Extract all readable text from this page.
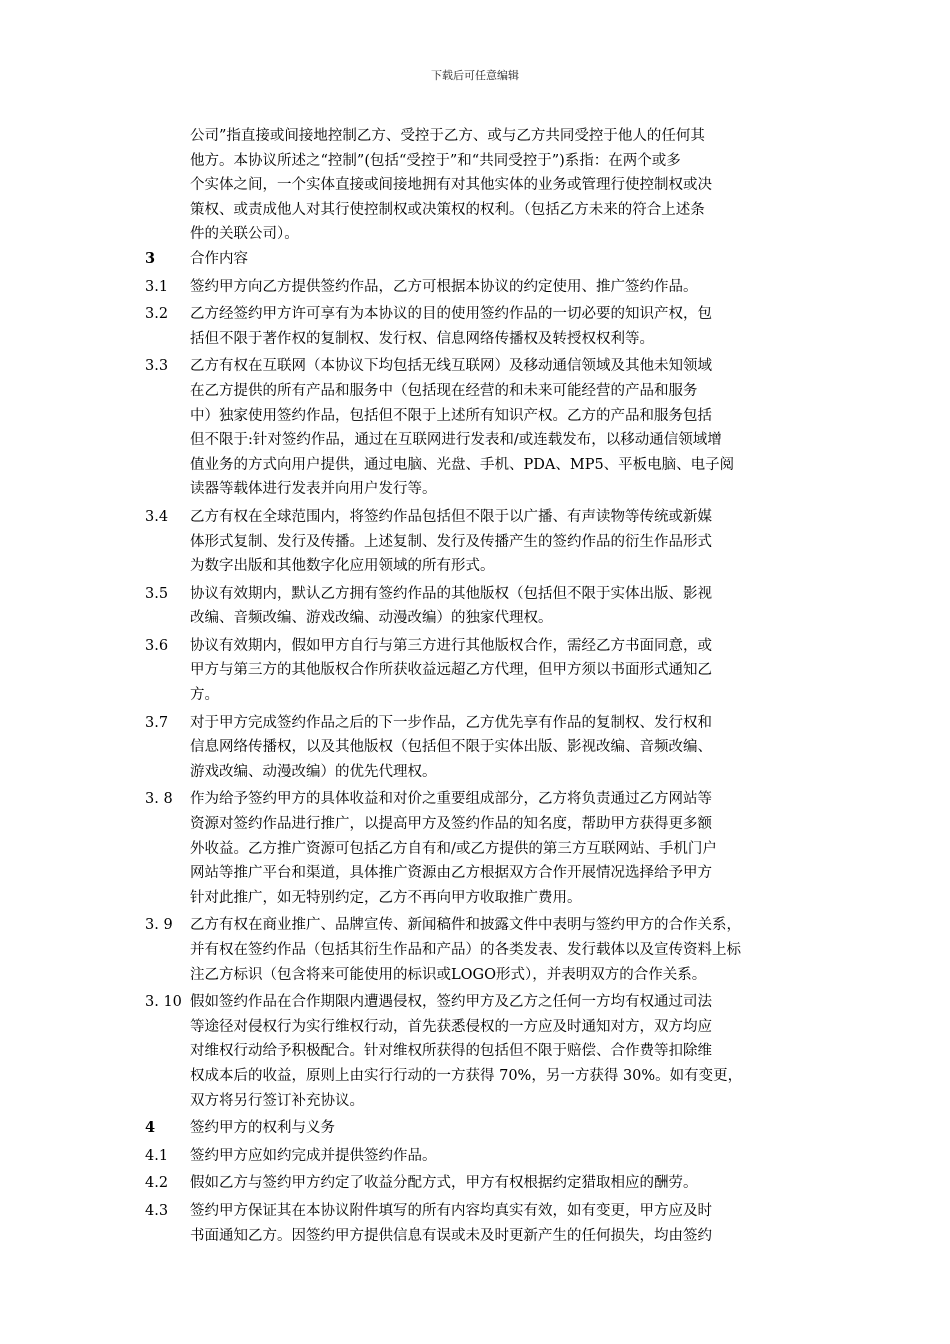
下载后可任意编辑
公司”指直接或间接地控制乙方、受控于乙方、或与乙方共同受控于他人的任何其
他方。本协议所述之“控制”(包括“受控于”和“共同受控于”)系指：在两个或多
个实体之间，一个实体直接或间接地拥有对其他实体的业务或管理行使控制权或决
策权、或责成他人对其行使控制权或决策权的权利。（包括乙方未来的符合上述条
件的关联公司）。
3	合作内容
3.1	签约甲方向乙方提供签约作品，乙方可根据本协议的约定使用、推广签约作品。
3.2	乙方经签约甲方许可享有为本协议的目的使用签约作品的一切必要的知识产权，包
括但不限于著作权的复制权、发行权、信息网络传播权及转授权权利等。
3.3	乙方有权在互联网（本协议下均包括无线互联网）及移动通信领域及其他未知领域
在乙方提供的所有产品和服务中（包括现在经营的和未来可能经营的产品和服务
中）独家使用签约作品，包括但不限于上述所有知识产权。乙方的产品和服务包括
但不限于:针对签约作品，通过在互联网进行发表和/或连载发布，以移动通信领域增
值业务的方式向用户提供，通过电脑、光盘、手机、PDA、MP5、平板电脑、电子阅
读器等载体进行发表并向用户发行等。
3.4	乙方有权在全球范围内，将签约作品包括但不限于以广播、有声读物等传统或新媒
体形式复制、发行及传播。上述复制、发行及传播产生的签约作品的衍生作品形式
为数字出版和其他数字化应用领域的所有形式。
3.5	协议有效期内，默认乙方拥有签约作品的其他版权（包括但不限于实体出版、影视
改编、音频改编、游戏改编、动漫改编）的独家代理权。
3.6	协议有效期内，假如甲方自行与第三方进行其他版权合作，需经乙方书面同意，或
甲方与第三方的其他版权合作所获收益远超乙方代理，但甲方须以书面形式通知乙
方。
3.7	对于甲方完成签约作品之后的下一步作品，乙方优先享有作品的复制权、发行权和
信息网络传播权，以及其他版权（包括但不限于实体出版、影视改编、音频改编、
游戏改编、动漫改编）的优先代理权。
3. 8	作为给予签约甲方的具体收益和对价之重要组成部分，乙方将负责通过乙方网站等
资源对签约作品进行推广，以提高甲方及签约作品的知名度，帮助甲方获得更多额
外收益。乙方推广资源可包括乙方自有和/或乙方提供的第三方互联网站、手机门户
网站等推广平台和渠道，具体推广资源由乙方根据双方合作开展情况选择给予甲方
针对此推广，如无特别约定，乙方不再向甲方收取推广费用。
3. 9	乙方有权在商业推广、品牌宣传、新闻稿件和披露文件中表明与签约甲方的合作关系，
并有权在签约作品（包括其衍生作品和产品）的各类发表、发行载体以及宣传资料上标
注乙方标识（包含将来可能使用的标识或LOGO形式），并表明双方的合作关系。
3. 10 假如签约作品在合作期限内遭遇侵权，签约甲方及乙方之任何一方均有权通过司法
等途径对侵权行为实行维权行动，首先获悉侵权的一方应及时通知对方，双方均应
对维权行动给予积极配合。针对维权所获得的包括但不限于赔偿、合作费等扣除维
权成本后的收益，原则上由实行行动的一方获得 70%，另一方获得 30%。如有变更，
双方将另行签订补充协议。
4	签约甲方的权利与义务
4.1	签约甲方应如约完成并提供签约作品。
4.2	假如乙方与签约甲方约定了收益分配方式，甲方有权根据约定猎取相应的酬劳。
4.3	签约甲方保证其在本协议附件填写的所有内容均真实有效，如有变更，甲方应及时
书面通知乙方。因签约甲方提供信息有误或未及时更新产生的任何损失，均由签约
